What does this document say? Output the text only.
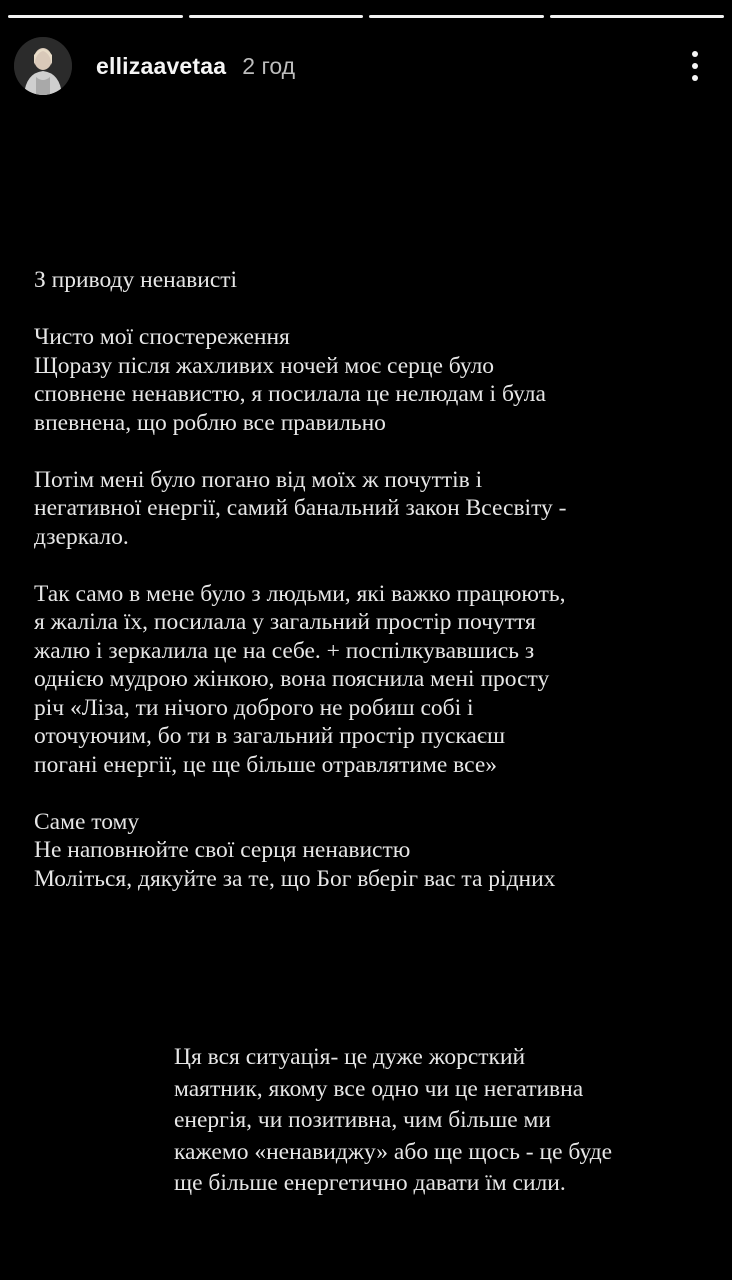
ellizaavetaa 2 год
З приводу ненависті
Чисто мої спостереження
Щоразу після жахливих ночей моє серце було
сповнене ненавистю, я посилала це нелюдам і була
впевнена, що роблю все правильно
Потім мені було погано від моїх ж почуттів і
негативної енергії, самий банальний закон Всесвіту -
дзеркало.
Так само в мене було з людьми, які важко працюють,
я жаліла їх, посилала у загальний простір почуття
жалю і зеркалила це на себе. + поспілкувавшись з
однією мудрою жінкою, вона пояснила мені просту
річ «Ліза, ти нічого доброго не робиш собі і
оточуючим, бо ти в загальний простір пускаєш
погані енергії, це ще більше отравлятиме все»
Саме тому
Не наповнюйте свої серця ненавистю
Моліться, дякуйте за те, що Бог вберіг вас та рідних
Ця вся ситуація- це дуже жорсткий
маятник, якому все одно чи це негативна
енергія, чи позитивна, чим більше ми
кажемо «ненавиджу» або ще щось - це буде
ще більше енергетично давати їм сили.
